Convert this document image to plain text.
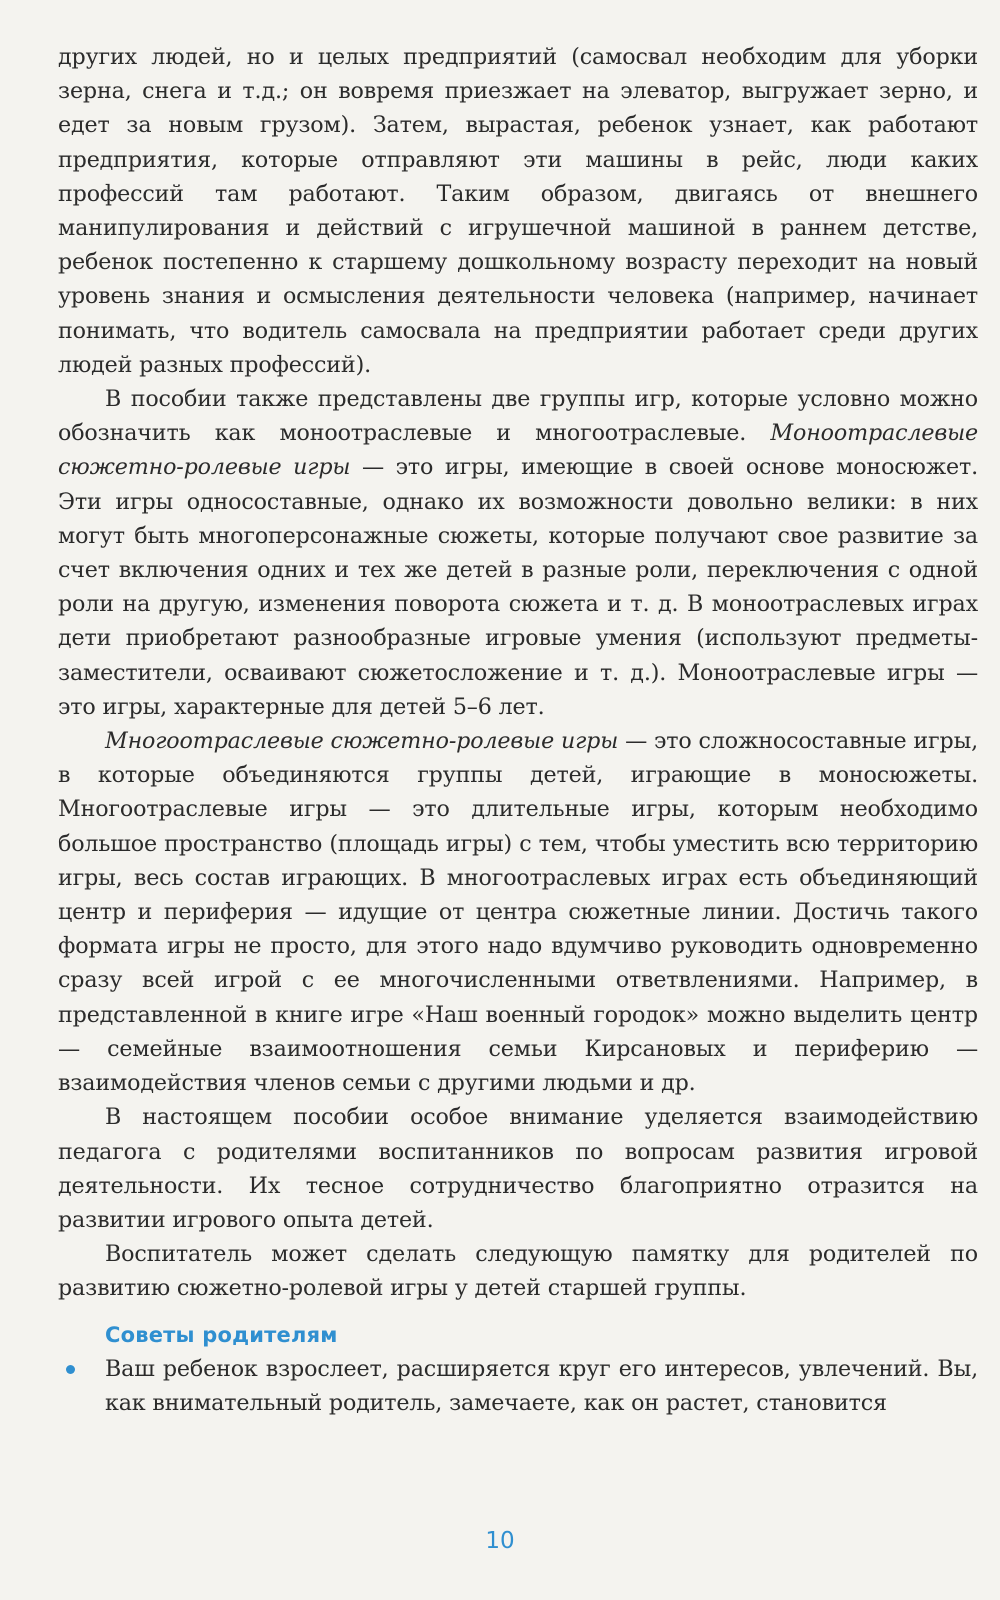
других людей, но и целых предприятий (самосвал необходим для уборки зерна, снега и т.д.; он вовремя приезжает на элеватор, выгружает зерно, и едет за новым грузом). Затем, вырастая, ребенок узнает, как работают предприятия, которые отправляют эти машины в рейс, люди каких профессий там работают. Таким образом, двигаясь от внешнего манипулирования и действий с игрушечной машиной в раннем детстве, ребенок постепенно к старшему дошкольному возрасту переходит на новый уровень знания и осмысления деятельности человека (например, начинает понимать, что водитель самосвала на предприятии работает среди других людей разных профессий).

В пособии также представлены две группы игр, которые условно можно обозначить как моноотраслевые и многоотраслевые. Моноотраслевые сюжетно-ролевые игры — это игры, имеющие в своей основе моносюжет. Эти игры односоставные, однако их возможности довольно велики: в них могут быть многоперсонажные сюжеты, которые получают свое развитие за счет включения одних и тех же детей в разные роли, переключения с одной роли на другую, изменения поворота сюжета и т. д. В моноотраслевых играх дети приобретают разнообразные игровые умения (используют предметы-заместители, осваивают сюжетосложение и т. д.). Моноотраслевые игры — это игры, характерные для детей 5–6 лет.

Многоотраслевые сюжетно-ролевые игры — это сложносоставные игры, в которые объединяются группы детей, играющие в моносюжеты. Многоотраслевые игры — это длительные игры, которым необходимо большое пространство (площадь игры) с тем, чтобы уместить всю территорию игры, весь состав играющих. В многоотраслевых играх есть объединяющий центр и периферия — идущие от центра сюжетные линии. Достичь такого формата игры не просто, для этого надо вдумчиво руководить одновременно сразу всей игрой с ее многочисленными ответвлениями. Например, в представленной в книге игре «Наш военный городок» можно выделить центр — семейные взаимоотношения семьи Кирсановых и периферию — взаимодействия членов семьи с другими людьми и др.

В настоящем пособии особое внимание уделяется взаимодействию педагога с родителями воспитанников по вопросам развития игровой деятельности. Их тесное сотрудничество благоприятно отразится на развитии игрового опыта детей.

Воспитатель может сделать следующую памятку для родителей по развитию сюжетно-ролевой игры у детей старшей группы.

Советы родителям
Ваш ребенок взрослеет, расширяется круг его интересов, увлечений. Вы, как внимательный родитель, замечаете, как он растет, становится
10
